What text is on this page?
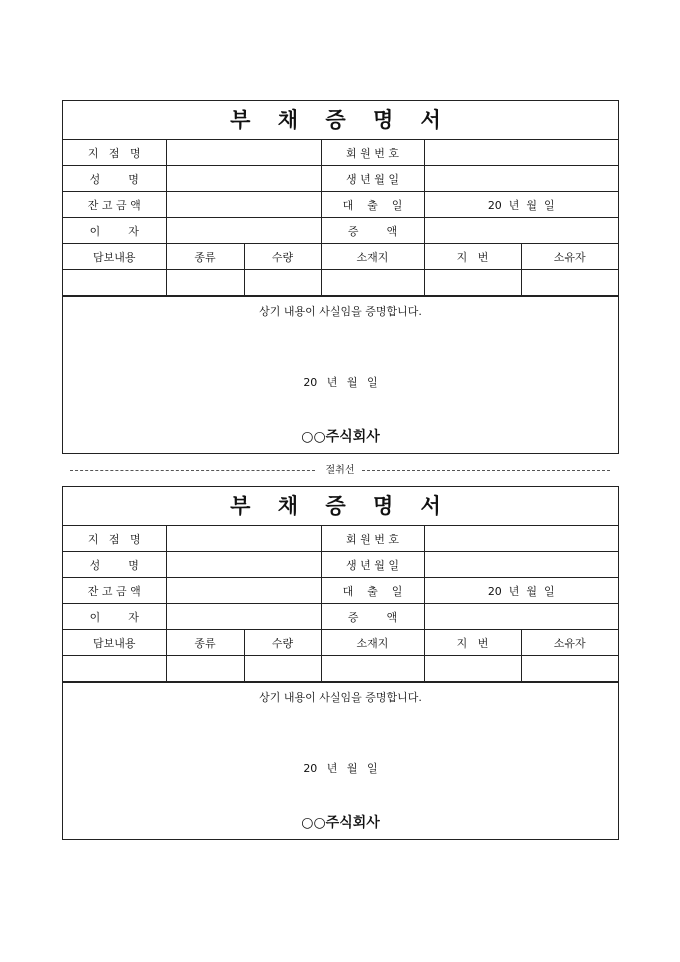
부 채 증 명 서
지   점   명			회 원 번 호		
성        명			생 년 월 일		
잔 고 금 액			대    출    일	20  년  월  일	
이        자			증        액		
담보내용	종류	수량	소재지	지   번	소유자

상기 내용이 사실임을 증명합니다.
20 년 월 일
○○주식회사
절취선
부 채 증 명 서
지   점   명			회 원 번 호		
성        명			생 년 월 일		
잔 고 금 액			대    출    일	20  년  월  일	
이        자			증        액		
담보내용	종류	수량	소재지	지   번	소유자

상기 내용이 사실임을 증명합니다.
20 년 월 일
○○주식회사
